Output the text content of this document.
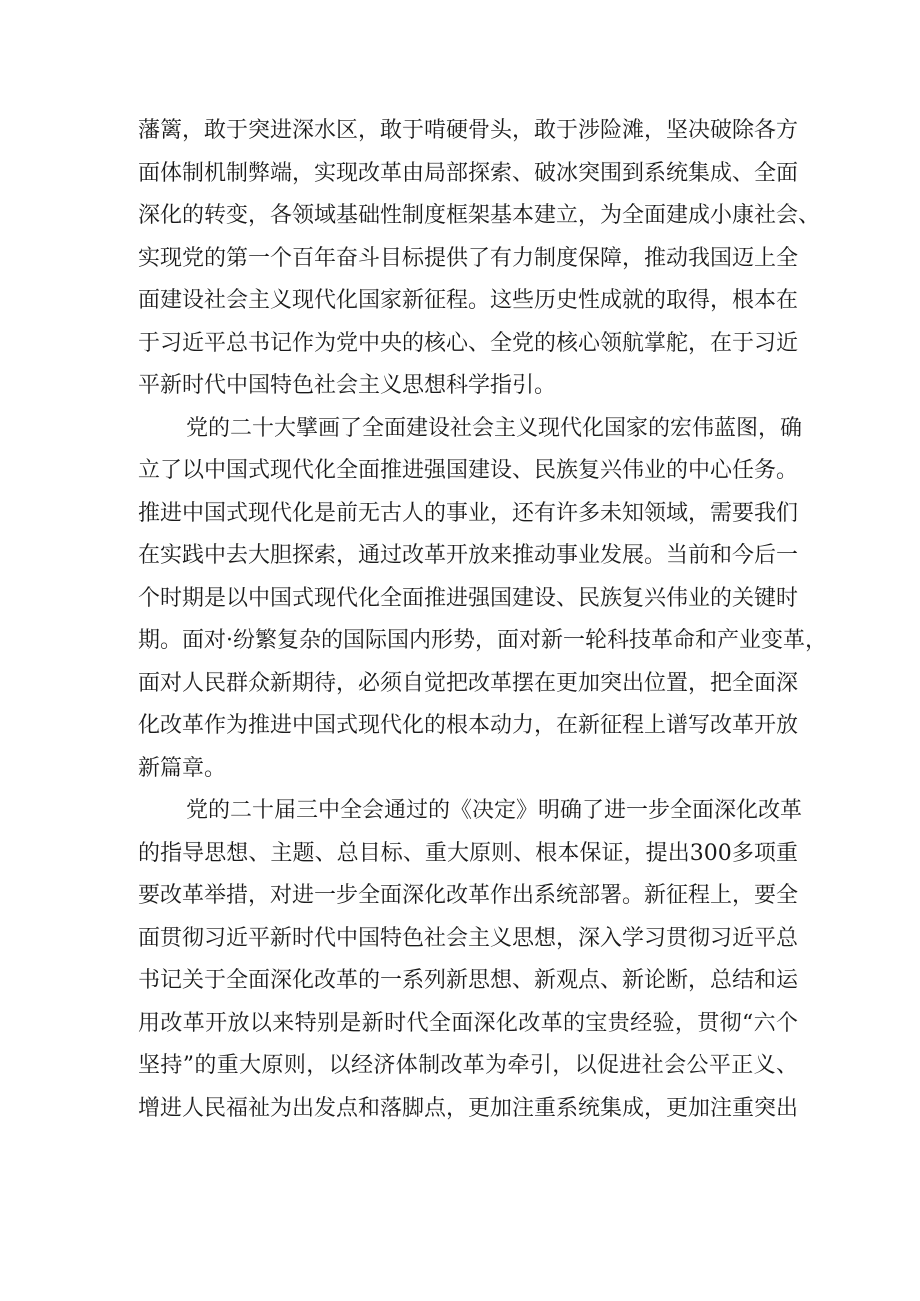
藩篱，敢于突进深水区，敢于啃硬骨头，敢于涉险滩，坚决破除各方
面体制机制弊端，实现改革由局部探索、破冰突围到系统集成、全面
深化的转变，各领域基础性制度框架基本建立，为全面建成小康社会、
实现党的第一个百年奋斗目标提供了有力制度保障，推动我国迈上全
面建设社会主义现代化国家新征程。这些历史性成就的取得，根本在
于习近平总书记作为党中央的核心、全党的核心领航掌舵，在于习近
平新时代中国特色社会主义思想科学指引。
党的二十大擘画了全面建设社会主义现代化国家的宏伟蓝图，确
立了以中国式现代化全面推进强国建设、民族复兴伟业的中心任务。
推进中国式现代化是前无古人的事业，还有许多未知领域，需要我们
在实践中去大胆探索，通过改革开放来推动事业发展。当前和今后一
个时期是以中国式现代化全面推进强国建设、民族复兴伟业的关键时
期。面对·纷繁复杂的国际国内形势，面对新一轮科技革命和产业变革，
面对人民群众新期待，必须自觉把改革摆在更加突出位置，把全面深
化改革作为推进中国式现代化的根本动力，在新征程上谱写改革开放
新篇章。
党的二十届三中全会通过的《决定》明确了进一步全面深化改革
的指导思想、主题、总目标、重大原则、根本保证，提出300多项重
要改革举措，对进一步全面深化改革作出系统部署。新征程上，要全
面贯彻习近平新时代中国特色社会主义思想，深入学习贯彻习近平总
书记关于全面深化改革的一系列新思想、新观点、新论断，总结和运
用改革开放以来特别是新时代全面深化改革的宝贵经验，贯彻“六个
坚持”的重大原则，以经济体制改革为牵引，以促进社会公平正义、
增进人民福祉为出发点和落脚点，更加注重系统集成，更加注重突出
